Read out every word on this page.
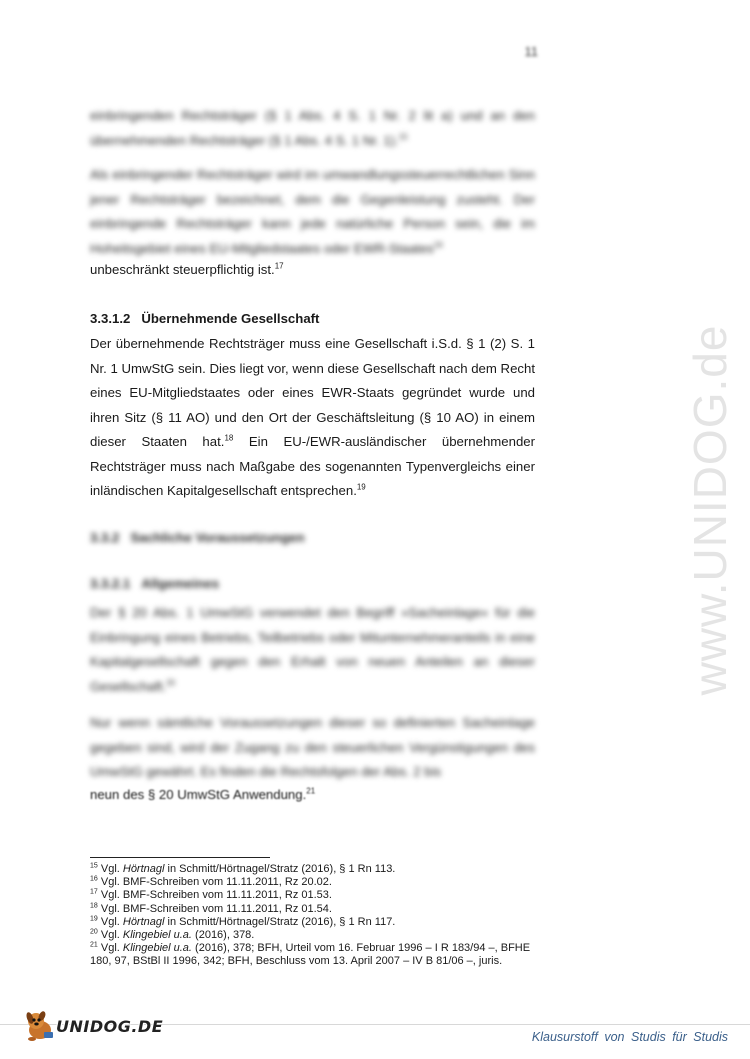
11
www.UNIDOG.de

einbringenden Rechtsträger (§ 1 Abs. 4 S. 1 Nr. 2 lit a) und an den übernehmenden Rechtsträger (§ 1 Abs. 4 S. 1 Nr. 1).$^{15}$

Als einbringender Rechtsträger wird im umwandlungssteuerrechtlichen Sinn jener Rechtsträger bezeichnet, dem die Gegenleistung zusteht. Der einbringende Rechtsträger kann jede natürliche Person sein, die im Hoheitsgebiet eines EU-Mitgliedstaates oder EWR-Staates$^{16}$

unbeschränkt steuerpflichtig ist.$^{17}$

3.3.1.2 Übernehmende Gesellschaft

Der übernehmende Rechtsträger muss eine Gesellschaft i.S.d. § 1 (2) S. 1 Nr. 1 UmwStG sein. Dies liegt vor, wenn diese Gesellschaft nach dem Recht eines EU-Mitgliedstaates oder eines EWR-Staats gegründet wurde und ihren Sitz (§ 11 AO) und den Ort der Geschäftsleitung (§ 10 AO) in einem dieser Staaten hat.$^{18}$ Ein EU-/EWR-ausländischer übernehmender Rechtsträger muss nach Maßgabe des sogenannten Typenvergleichs einer inländischen Kapitalgesellschaft entsprechen.$^{19}$

3.3.2 Sachliche Voraussetzungen
3.3.2.1 Allgemeines

Der § 20 Abs. 1 UmwStG verwendet den Begriff »Sacheinlage« für die Einbringung eines Betriebs, Teilbetriebs oder Mitunternehmeranteils in eine Kapitalgesellschaft gegen den Erhalt von neuen Anteilen an dieser Gesellschaft.$^{20}$

Nur wenn sämtliche Voraussetzungen dieser so definierten Sacheinlage gegeben sind, wird der Zugang zu den steuerlichen Vergünstigungen des UmwStG gewährt. Es finden die Rechtsfolgen der Abs. 2 bis

neun des § 20 UmwStG Anwendung.$^{21}$

$^{15}$ Vgl. Hörtnagl in Schmitt/Hörtnagel/Stratz (2016), § 1 Rn 113.

$^{16}$ Vgl. BMF-Schreiben vom 11.11.2011, Rz 20.02.

$^{17}$ Vgl. BMF-Schreiben vom 11.11.2011, Rz 01.53.

$^{18}$ Vgl. BMF-Schreiben vom 11.11.2011, Rz 01.54.

$^{19}$ Vgl. Hörtnagl in Schmitt/Hörtnagel/Stratz (2016), § 1 Rn 117.

$^{20}$ Vgl. Klingebiel u.a. (2016), 378.

$^{21}$ Vgl. Klingebiel u.a. (2016), 378; BFH, Urteil vom 16. Februar 1996 – I R 183/94 –, BFHE 180, 97, BStBl II 1996, 342; BFH, Beschluss vom 13. April 2007 – IV B 81/06 –, juris.

UNIDOG.DE
Klausurstoff von Studis für Studis
